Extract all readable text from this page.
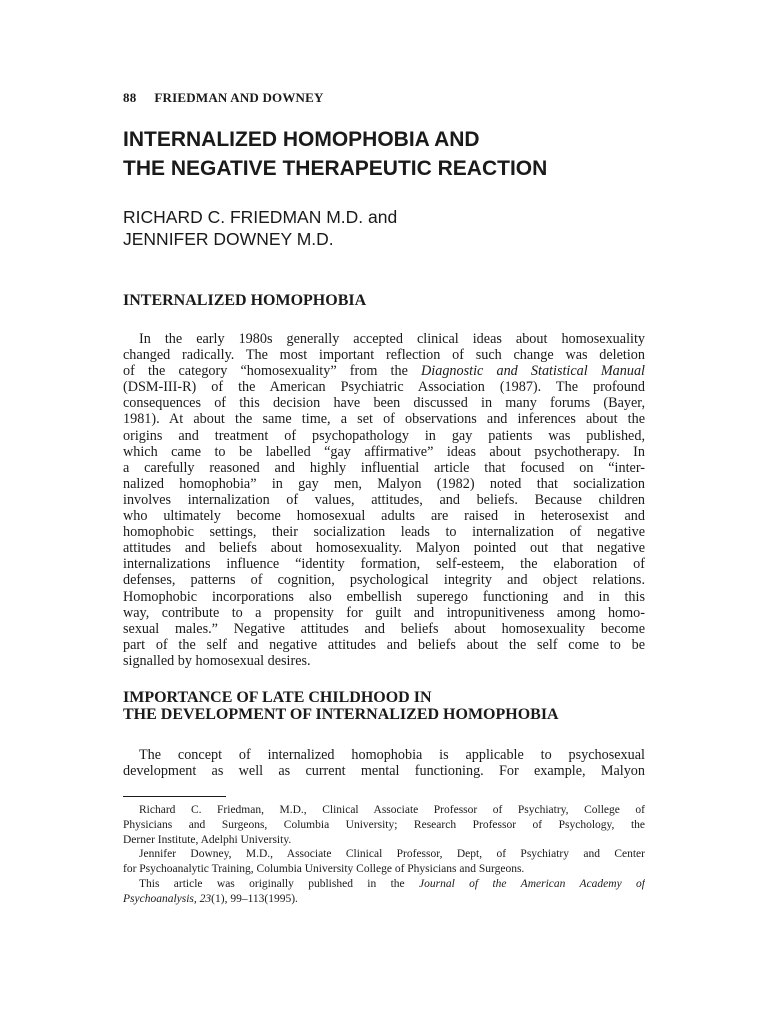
88 FRIEDMAN AND DOWNEY
INTERNALIZED HOMOPHOBIA AND
THE NEGATIVE THERAPEUTIC REACTION
RICHARD C. FRIEDMAN M.D. and
JENNIFER DOWNEY M.D.
INTERNALIZED HOMOPHOBIA
In the early 1980s generally accepted clinical ideas about homosexuality
changed radically. The most important reflection of such change was deletion
of the category “homosexuality” from the Diagnostic and Statistical Manual
(DSM-III-R) of the American Psychiatric Association (1987). The profound
consequences of this decision have been discussed in many forums (Bayer,
1981). At about the same time, a set of observations and inferences about the
origins and treatment of psychopathology in gay patients was published,
which came to be labelled “gay affirmative” ideas about psychotherapy. In
a carefully reasoned and highly influential article that focused on “inter-
nalized homophobia” in gay men, Malyon (1982) noted that socialization
involves internalization of values, attitudes, and beliefs. Because children
who ultimately become homosexual adults are raised in heterosexist and
homophobic settings, their socialization leads to internalization of negative
attitudes and beliefs about homosexuality. Malyon pointed out that negative
internalizations influence “identity formation, self-esteem, the elaboration of
defenses, patterns of cognition, psychological integrity and object relations.
Homophobic incorporations also embellish superego functioning and in this
way, contribute to a propensity for guilt and intropunitiveness among homo-
sexual males.” Negative attitudes and beliefs about homosexuality become
part of the self and negative attitudes and beliefs about the self come to be
signalled by homosexual desires.
IMPORTANCE OF LATE CHILDHOOD IN
THE DEVELOPMENT OF INTERNALIZED HOMOPHOBIA
The concept of internalized homophobia is applicable to psychosexual
development as well as current mental functioning. For example, Malyon
Richard C. Friedman, M.D., Clinical Associate Professor of Psychiatry, College of
Physicians and Surgeons, Columbia University; Research Professor of Psychology, the
Derner Institute, Adelphi University.
Jennifer Downey, M.D., Associate Clinical Professor, Dept, of Psychiatry and Center
for Psychoanalytic Training, Columbia University College of Physicians and Surgeons.
This article was originally published in the Journal of the American Academy of
Psychoanalysis, 23(1), 99–113(1995).
